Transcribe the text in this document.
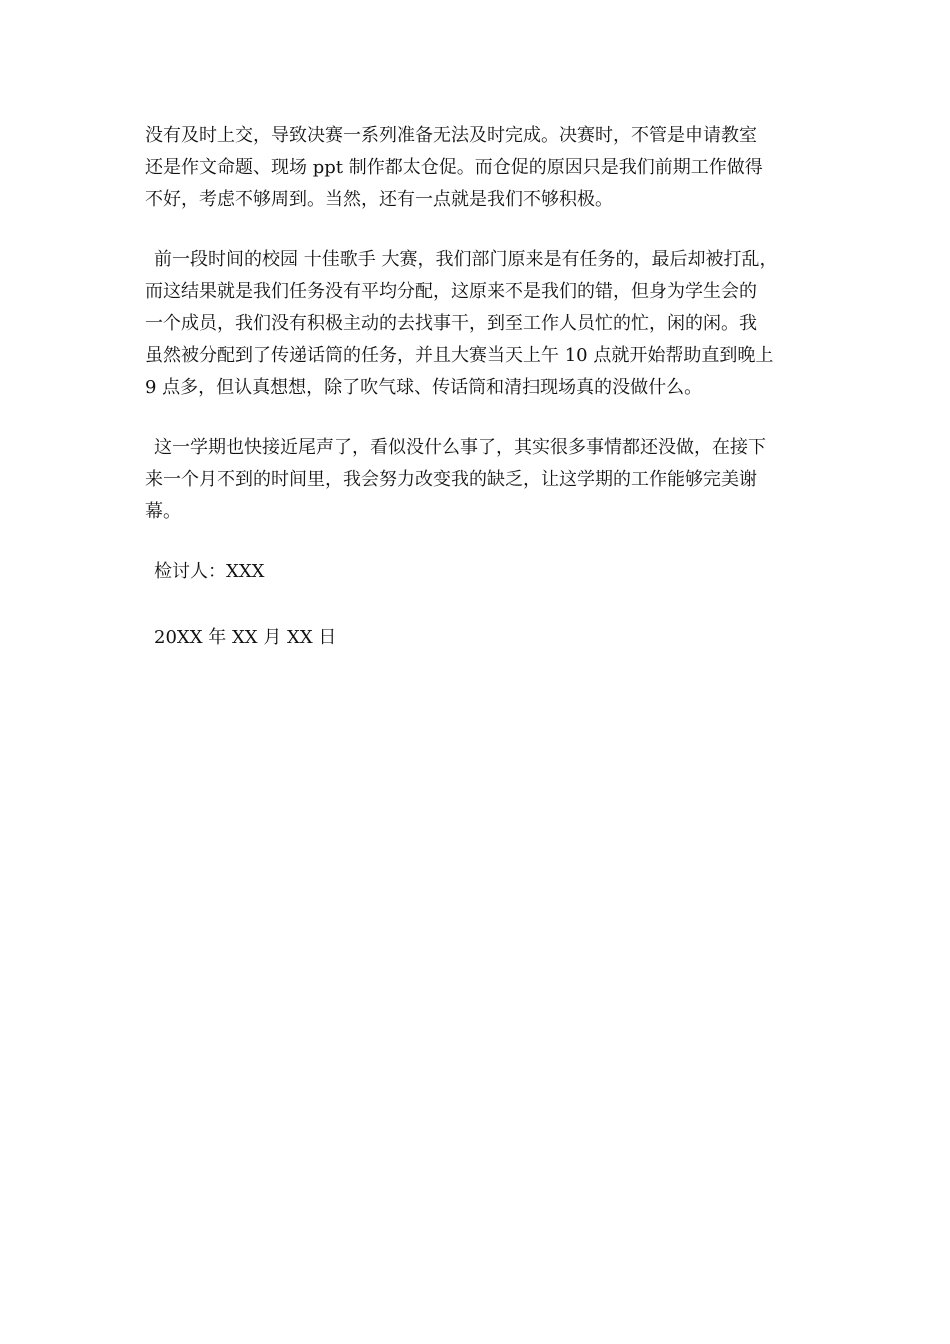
没有及时上交，导致决赛一系列准备无法及时完成。决赛时，不管是申请教室
还是作文命题、现场 ppt 制作都太仓促。而仓促的原因只是我们前期工作做得
不好，考虑不够周到。当然，还有一点就是我们不够积极。
前一段时间的校园 十佳歌手 大赛，我们部门原来是有任务的，最后却被打乱，
而这结果就是我们任务没有平均分配，这原来不是我们的错，但身为学生会的
一个成员，我们没有积极主动的去找事干，到至工作人员忙的忙，闲的闲。我
虽然被分配到了传递话筒的任务，并且大赛当天上午 10 点就开始帮助直到晚上
9 点多，但认真想想，除了吹气球、传话筒和清扫现场真的没做什么。
这一学期也快接近尾声了，看似没什么事了，其实很多事情都还没做，在接下
来一个月不到的时间里，我会努力改变我的缺乏，让这学期的工作能够完美谢
幕。
检讨人：XXX
20XX 年 XX 月 XX 日
